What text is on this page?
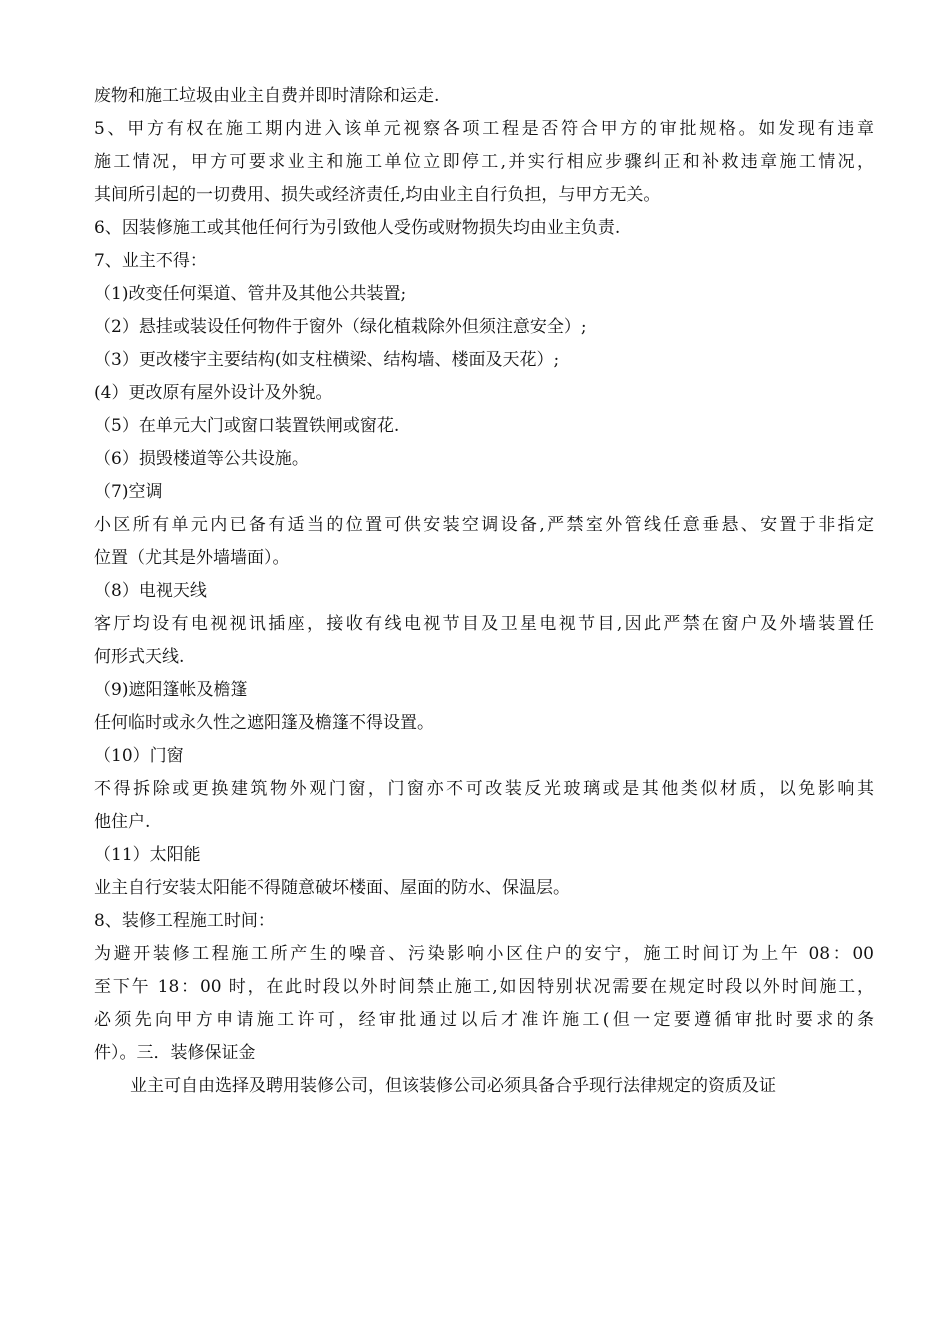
废物和施工垃圾由业主自费并即时清除和运走.
5、甲方有权在施工期内进入该单元视察各项工程是否符合甲方的审批规格。如发现有违章
施工情况，甲方可要求业主和施工单位立即停工,并实行相应步骤纠正和补救违章施工情况，
其间所引起的一切费用、损失或经济责任,均由业主自行负担，与甲方无关。
6、因装修施工或其他任何行为引致他人受伤或财物损失均由业主负责.
7、业主不得：
（1)改变任何渠道、管井及其他公共装置;
（2）悬挂或装设任何物件于窗外（绿化植栽除外但须注意安全）;
（3）更改楼宇主要结构(如支柱横梁、结构墙、楼面及天花）;
(4）更改原有屋外设计及外貌。
（5）在单元大门或窗口装置铁闸或窗花.
（6）损毁楼道等公共设施。
（7)空调
小区所有单元内已备有适当的位置可供安装空调设备,严禁室外管线任意垂悬、安置于非指定
位置（尤其是外墙墙面）。
（8）电视天线
客厅均设有电视视讯插座，接收有线电视节目及卫星电视节目,因此严禁在窗户及外墙装置任
何形式天线.
（9)遮阳篷帐及檐篷
任何临时或永久性之遮阳篷及檐篷不得设置。
（10）门窗
不得拆除或更换建筑物外观门窗，门窗亦不可改装反光玻璃或是其他类似材质，以免影响其
他住户.
（11）太阳能
业主自行安装太阳能不得随意破坏楼面、屋面的防水、保温层。
8、装修工程施工时间：
为避开装修工程施工所产生的噪音、污染影响小区住户的安宁，施工时间订为上午 08：00
至下午 18：00 时，在此时段以外时间禁止施工,如因特别状况需要在规定时段以外时间施工，
必须先向甲方申请施工许可，经审批通过以后才准许施工(但一定要遵循审批时要求的条
件）。三．装修保证金
业主可自由选择及聘用装修公司，但该装修公司必须具备合乎现行法律规定的资质及证
